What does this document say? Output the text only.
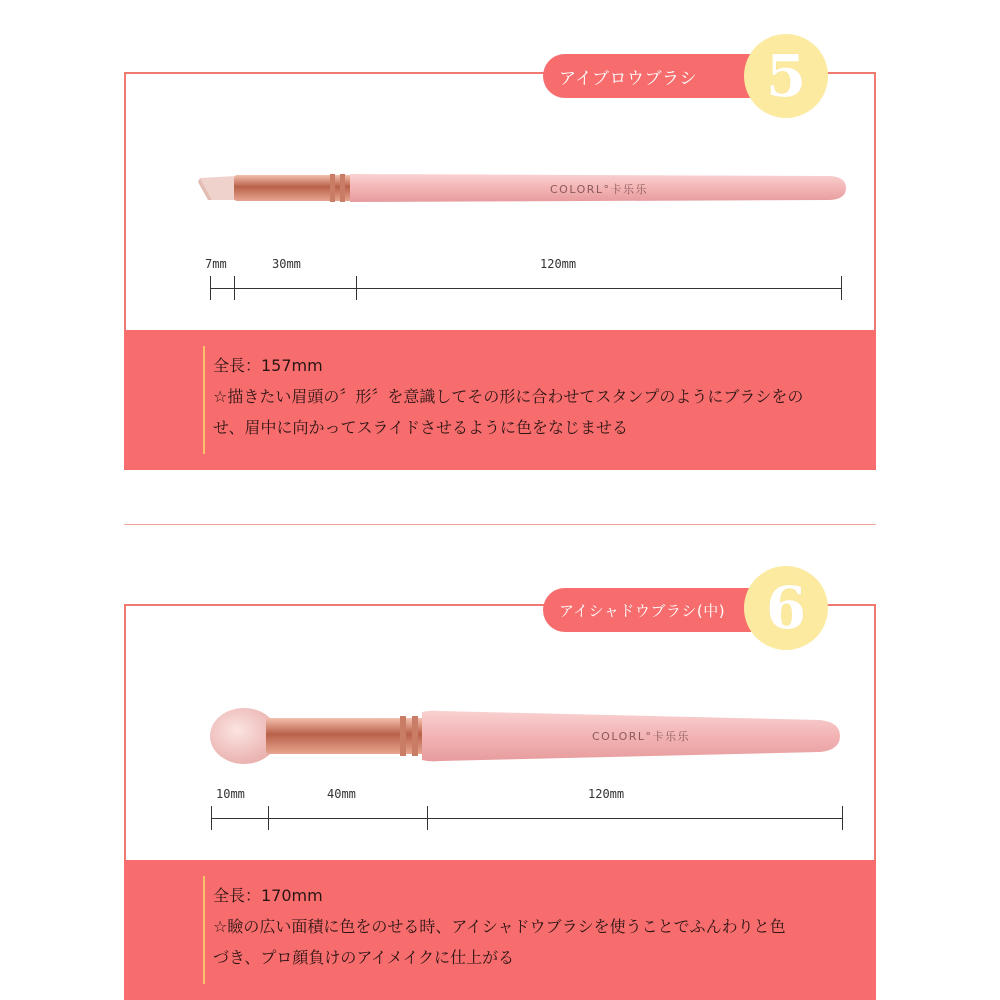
アイブロウブラシ 5
COLORL°卡乐乐
7mm	30mm	120mm
全長：157mm
☆描きたい眉頭の〞形〞を意識してその形に合わせてスタンプのようにブラシをの
せ、眉中に向かってスライドさせるように色をなじませる
アイシャドウブラシ(中) 6
COLORL°卡乐乐
10mm	40mm	120mm
全長：170mm
☆瞼の広い面積に色をのせる時、アイシャドウブラシを使うことでふんわりと色
づき、プロ顔負けのアイメイクに仕上がる
